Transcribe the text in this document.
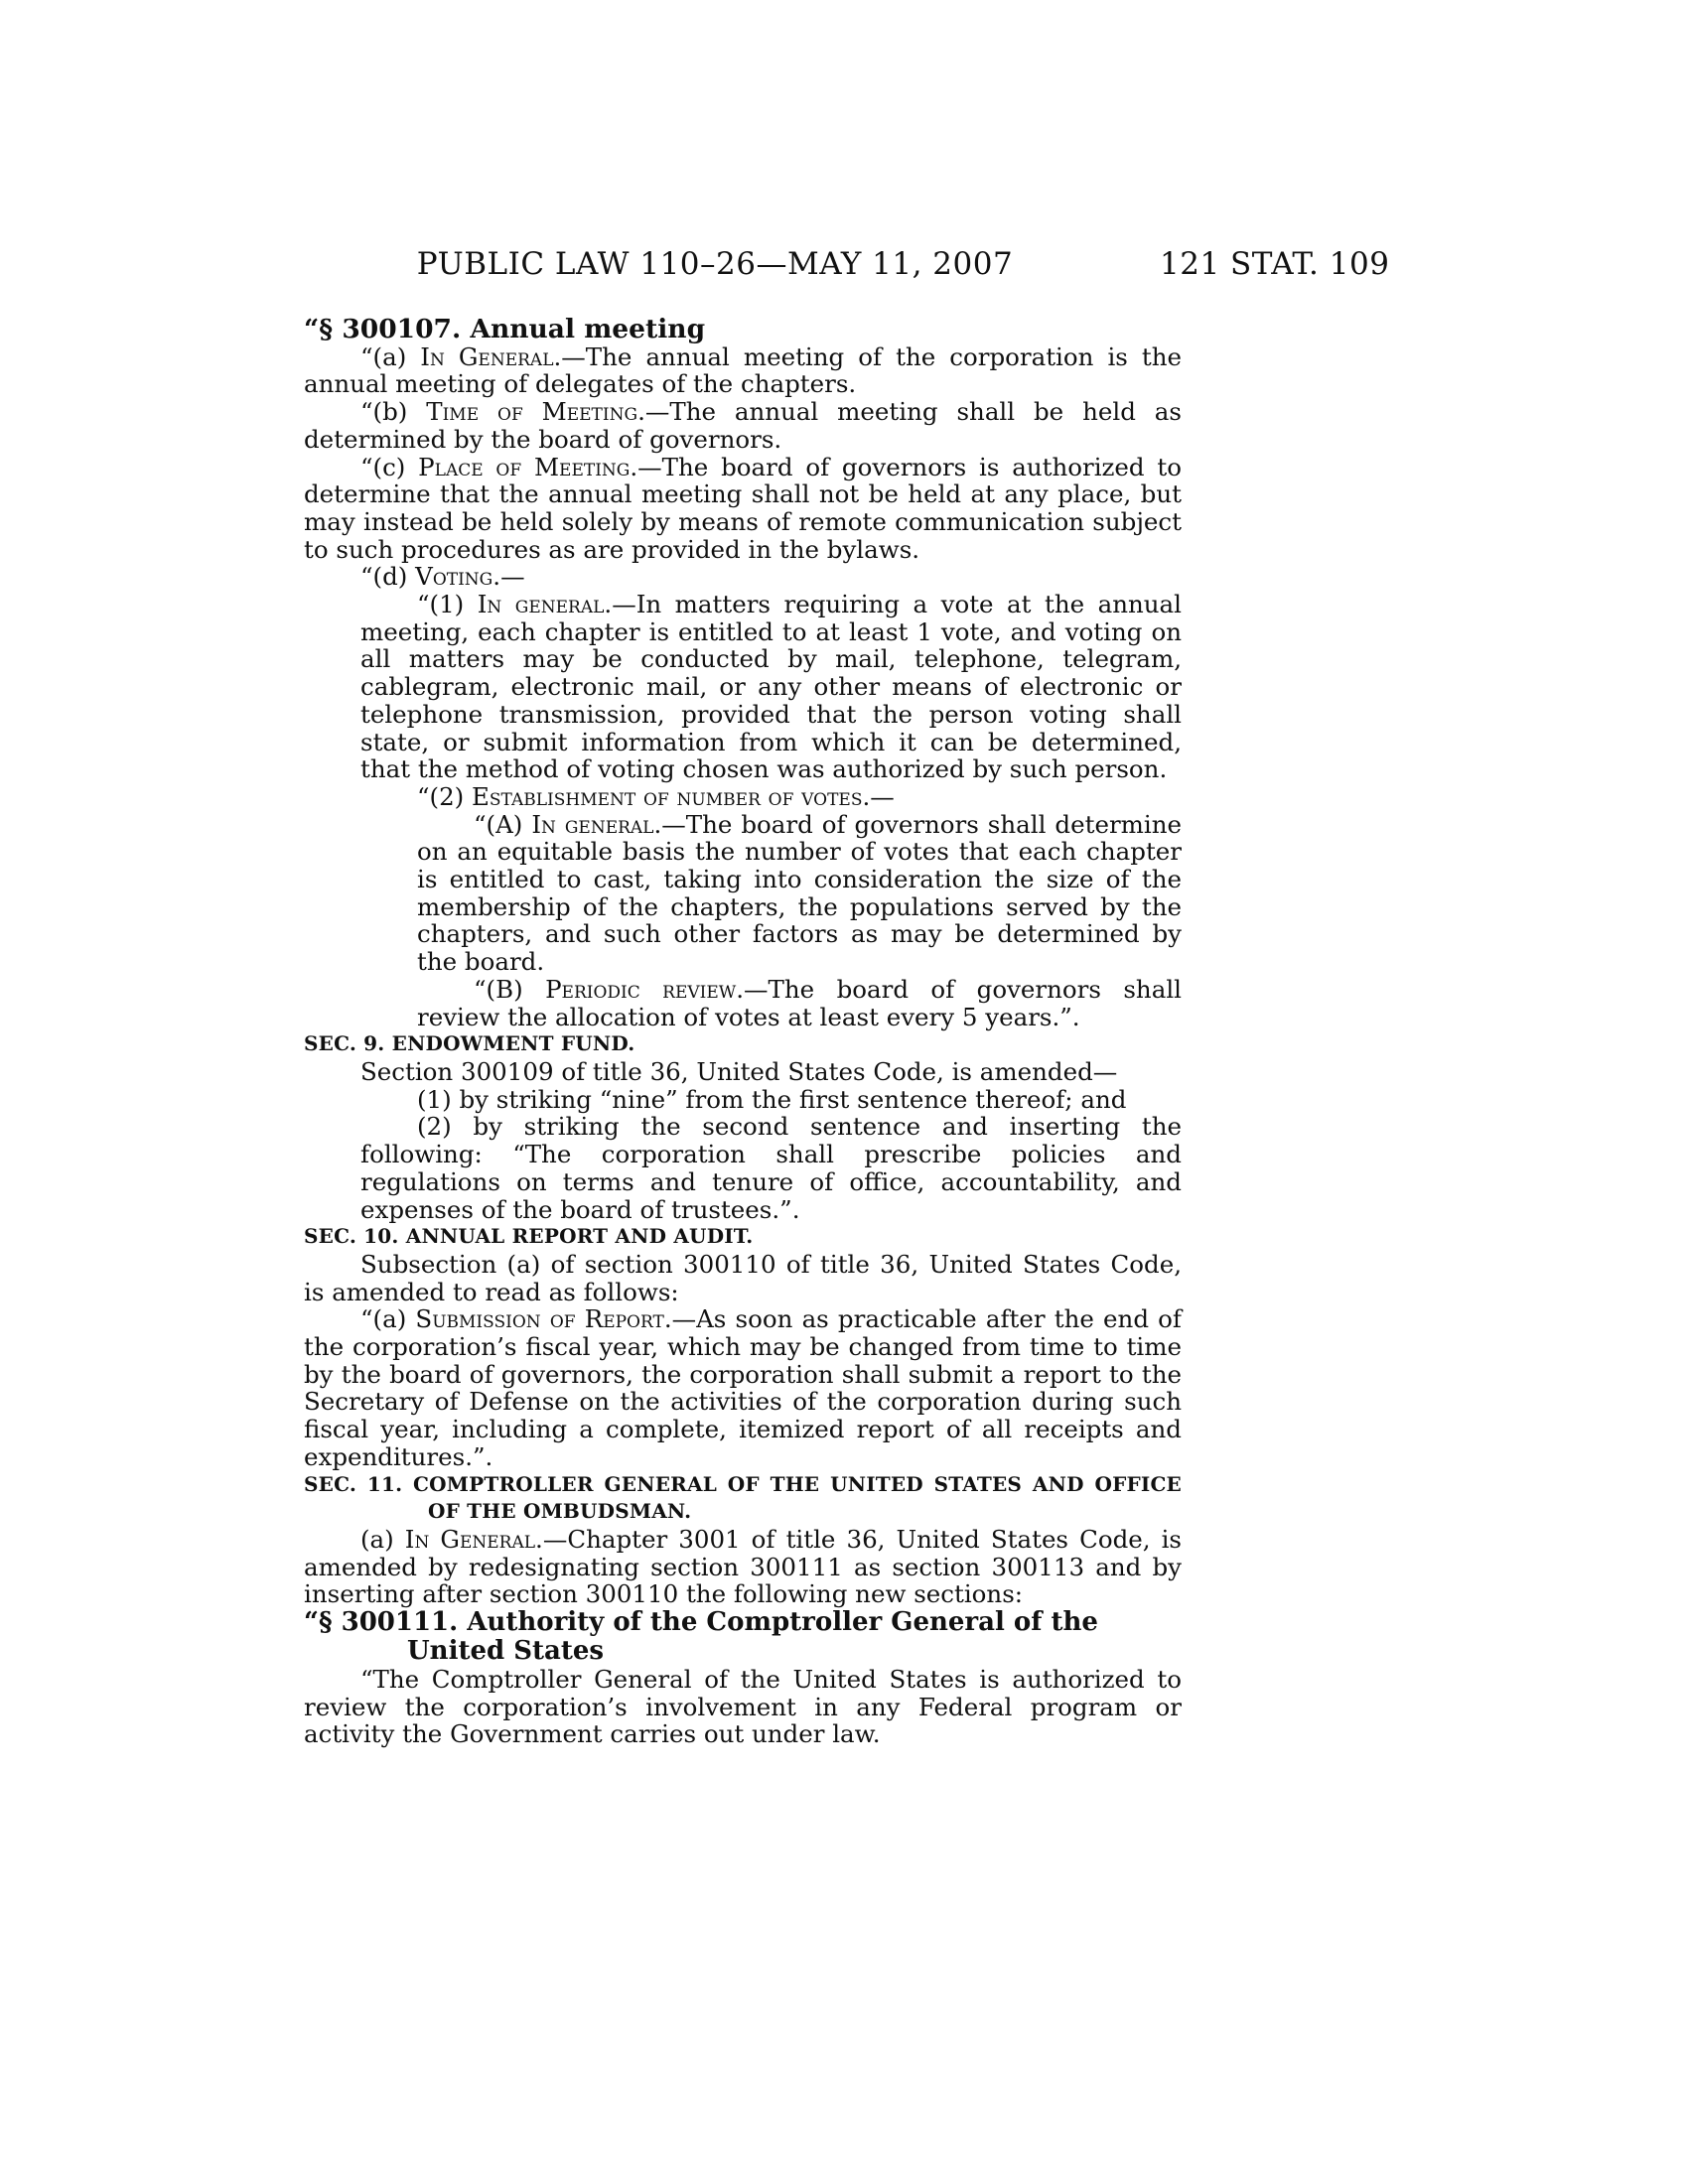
PUBLIC LAW 110–26—MAY 11, 2007	121 STAT. 109

“§ 300107. Annual meeting

“(a) In General.—The annual meeting of the corporation is the annual meeting of delegates of the chapters.

“(b) Time of Meeting.—The annual meeting shall be held as determined by the board of governors.

“(c) Place of Meeting.—The board of governors is authorized to determine that the annual meeting shall not be held at any place, but may instead be held solely by means of remote communication subject to such procedures as are provided in the bylaws.

“(d) Voting.—

“(1) In general.—In matters requiring a vote at the annual meeting, each chapter is entitled to at least 1 vote, and voting on all matters may be conducted by mail, telephone, telegram, cablegram, electronic mail, or any other means of electronic or telephone transmission, provided that the person voting shall state, or submit information from which it can be determined, that the method of voting chosen was authorized by such person.

“(2) Establishment of number of votes.—

“(A) In general.—The board of governors shall determine on an equitable basis the number of votes that each chapter is entitled to cast, taking into consideration the size of the membership of the chapters, the populations served by the chapters, and such other factors as may be determined by the board.

“(B) Periodic review.—The board of governors shall review the allocation of votes at least every 5 years.”.

SEC. 9. ENDOWMENT FUND.

Section 300109 of title 36, United States Code, is amended—

(1) by striking “nine” from the first sentence thereof; and

(2) by striking the second sentence and inserting the following: “The corporation shall prescribe policies and regulations on terms and tenure of office, accountability, and expenses of the board of trustees.”.

SEC. 10. ANNUAL REPORT AND AUDIT.

Subsection (a) of section 300110 of title 36, United States Code, is amended to read as follows:

“(a) Submission of Report.—As soon as practicable after the end of the corporation’s fiscal year, which may be changed from time to time by the board of governors, the corporation shall submit a report to the Secretary of Defense on the activities of the corporation during such fiscal year, including a complete, itemized report of all receipts and expenditures.”.

SEC. 11. COMPTROLLER GENERAL OF THE UNITED STATES AND OFFICE OF THE OMBUDSMAN.

(a) In General.—Chapter 3001 of title 36, United States Code, is amended by redesignating section 300111 as section 300113 and by inserting after section 300110 the following new sections:

“§ 300111. Authority of the Comptroller General of the United States

“The Comptroller General of the United States is authorized to review the corporation’s involvement in any Federal program or activity the Government carries out under law.
